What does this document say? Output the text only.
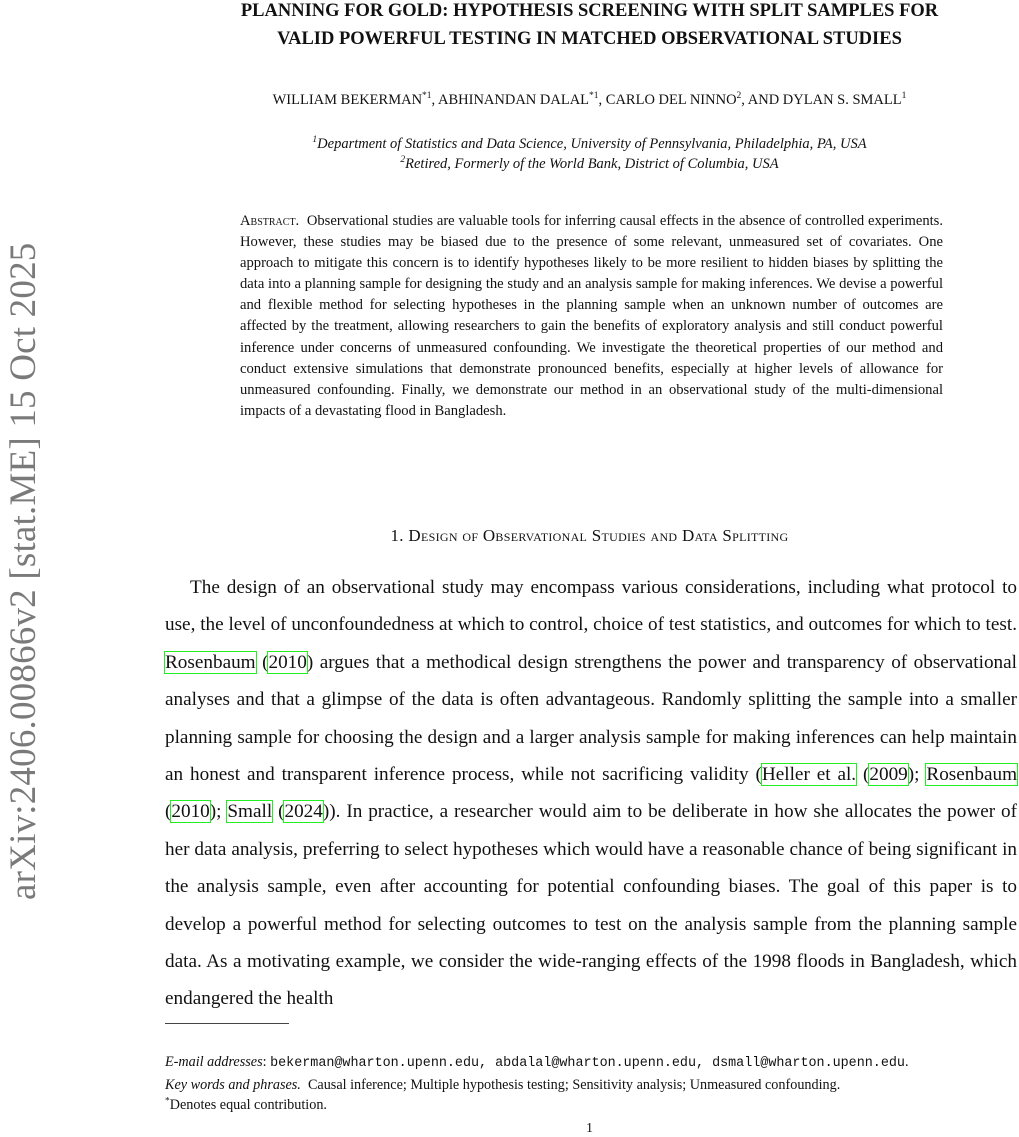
arXiv:2406.00866v2 [stat.ME] 15 Oct 2025
PLANNING FOR GOLD: HYPOTHESIS SCREENING WITH SPLIT SAMPLES FOR
VALID POWERFUL TESTING IN MATCHED OBSERVATIONAL STUDIES
WILLIAM BEKERMAN$^{*1}$, ABHINANDAN DALAL$^{*1}$, CARLO DEL NINNO$^2$, AND DYLAN S. SMALL$^1$
$^1$Department of Statistics and Data Science, University of Pennsylvania, Philadelphia, PA, USA
$^2$Retired, Formerly of the World Bank, District of Columbia, USA
Abstract. Observational studies are valuable tools for inferring causal effects in the absence of controlled experiments. However, these studies may be biased due to the presence of some relevant, unmeasured set of covariates. One approach to mitigate this concern is to identify hypotheses likely to be more resilient to hidden biases by splitting the data into a planning sample for designing the study and an analysis sample for making inferences. We devise a powerful and flexible method for selecting hypotheses in the planning sample when an unknown number of outcomes are affected by the treatment, allowing researchers to gain the benefits of exploratory analysis and still conduct powerful inference under concerns of unmeasured confounding. We investigate the theoretical properties of our method and conduct extensive simulations that demonstrate pronounced benefits, especially at higher levels of allowance for unmeasured confounding. Finally, we demonstrate our method in an observational study of the multi-dimensional impacts of a devastating flood in Bangladesh.
1. Design of Observational Studies and Data Splitting
The design of an observational study may encompass various considerations, including what protocol to use, the level of unconfoundedness at which to control, choice of test statistics, and outcomes for which to test. Rosenbaum (2010) argues that a methodical design strengthens the power and transparency of observational analyses and that a glimpse of the data is often advantageous. Randomly splitting the sample into a smaller planning sample for choosing the design and a larger analysis sample for making inferences can help maintain an honest and transparent inference process, while not sacrificing validity (Heller et al. (2009); Rosenbaum (2010); Small (2024)). In practice, a researcher would aim to be deliberate in how she allocates the power of her data analysis, preferring to select hypotheses which would have a reasonable chance of being significant in the analysis sample, even after accounting for potential confounding biases. The goal of this paper is to develop a powerful method for selecting outcomes to test on the analysis sample from the planning sample data. As a motivating example, we consider the wide-ranging effects of the 1998 floods in Bangladesh, which endangered the health
E-mail addresses: bekerman@wharton.upenn.edu, abdalal@wharton.upenn.edu, dsmall@wharton.upenn.edu.
Key words and phrases. Causal inference; Multiple hypothesis testing; Sensitivity analysis; Unmeasured confounding.
*Denotes equal contribution.
1
